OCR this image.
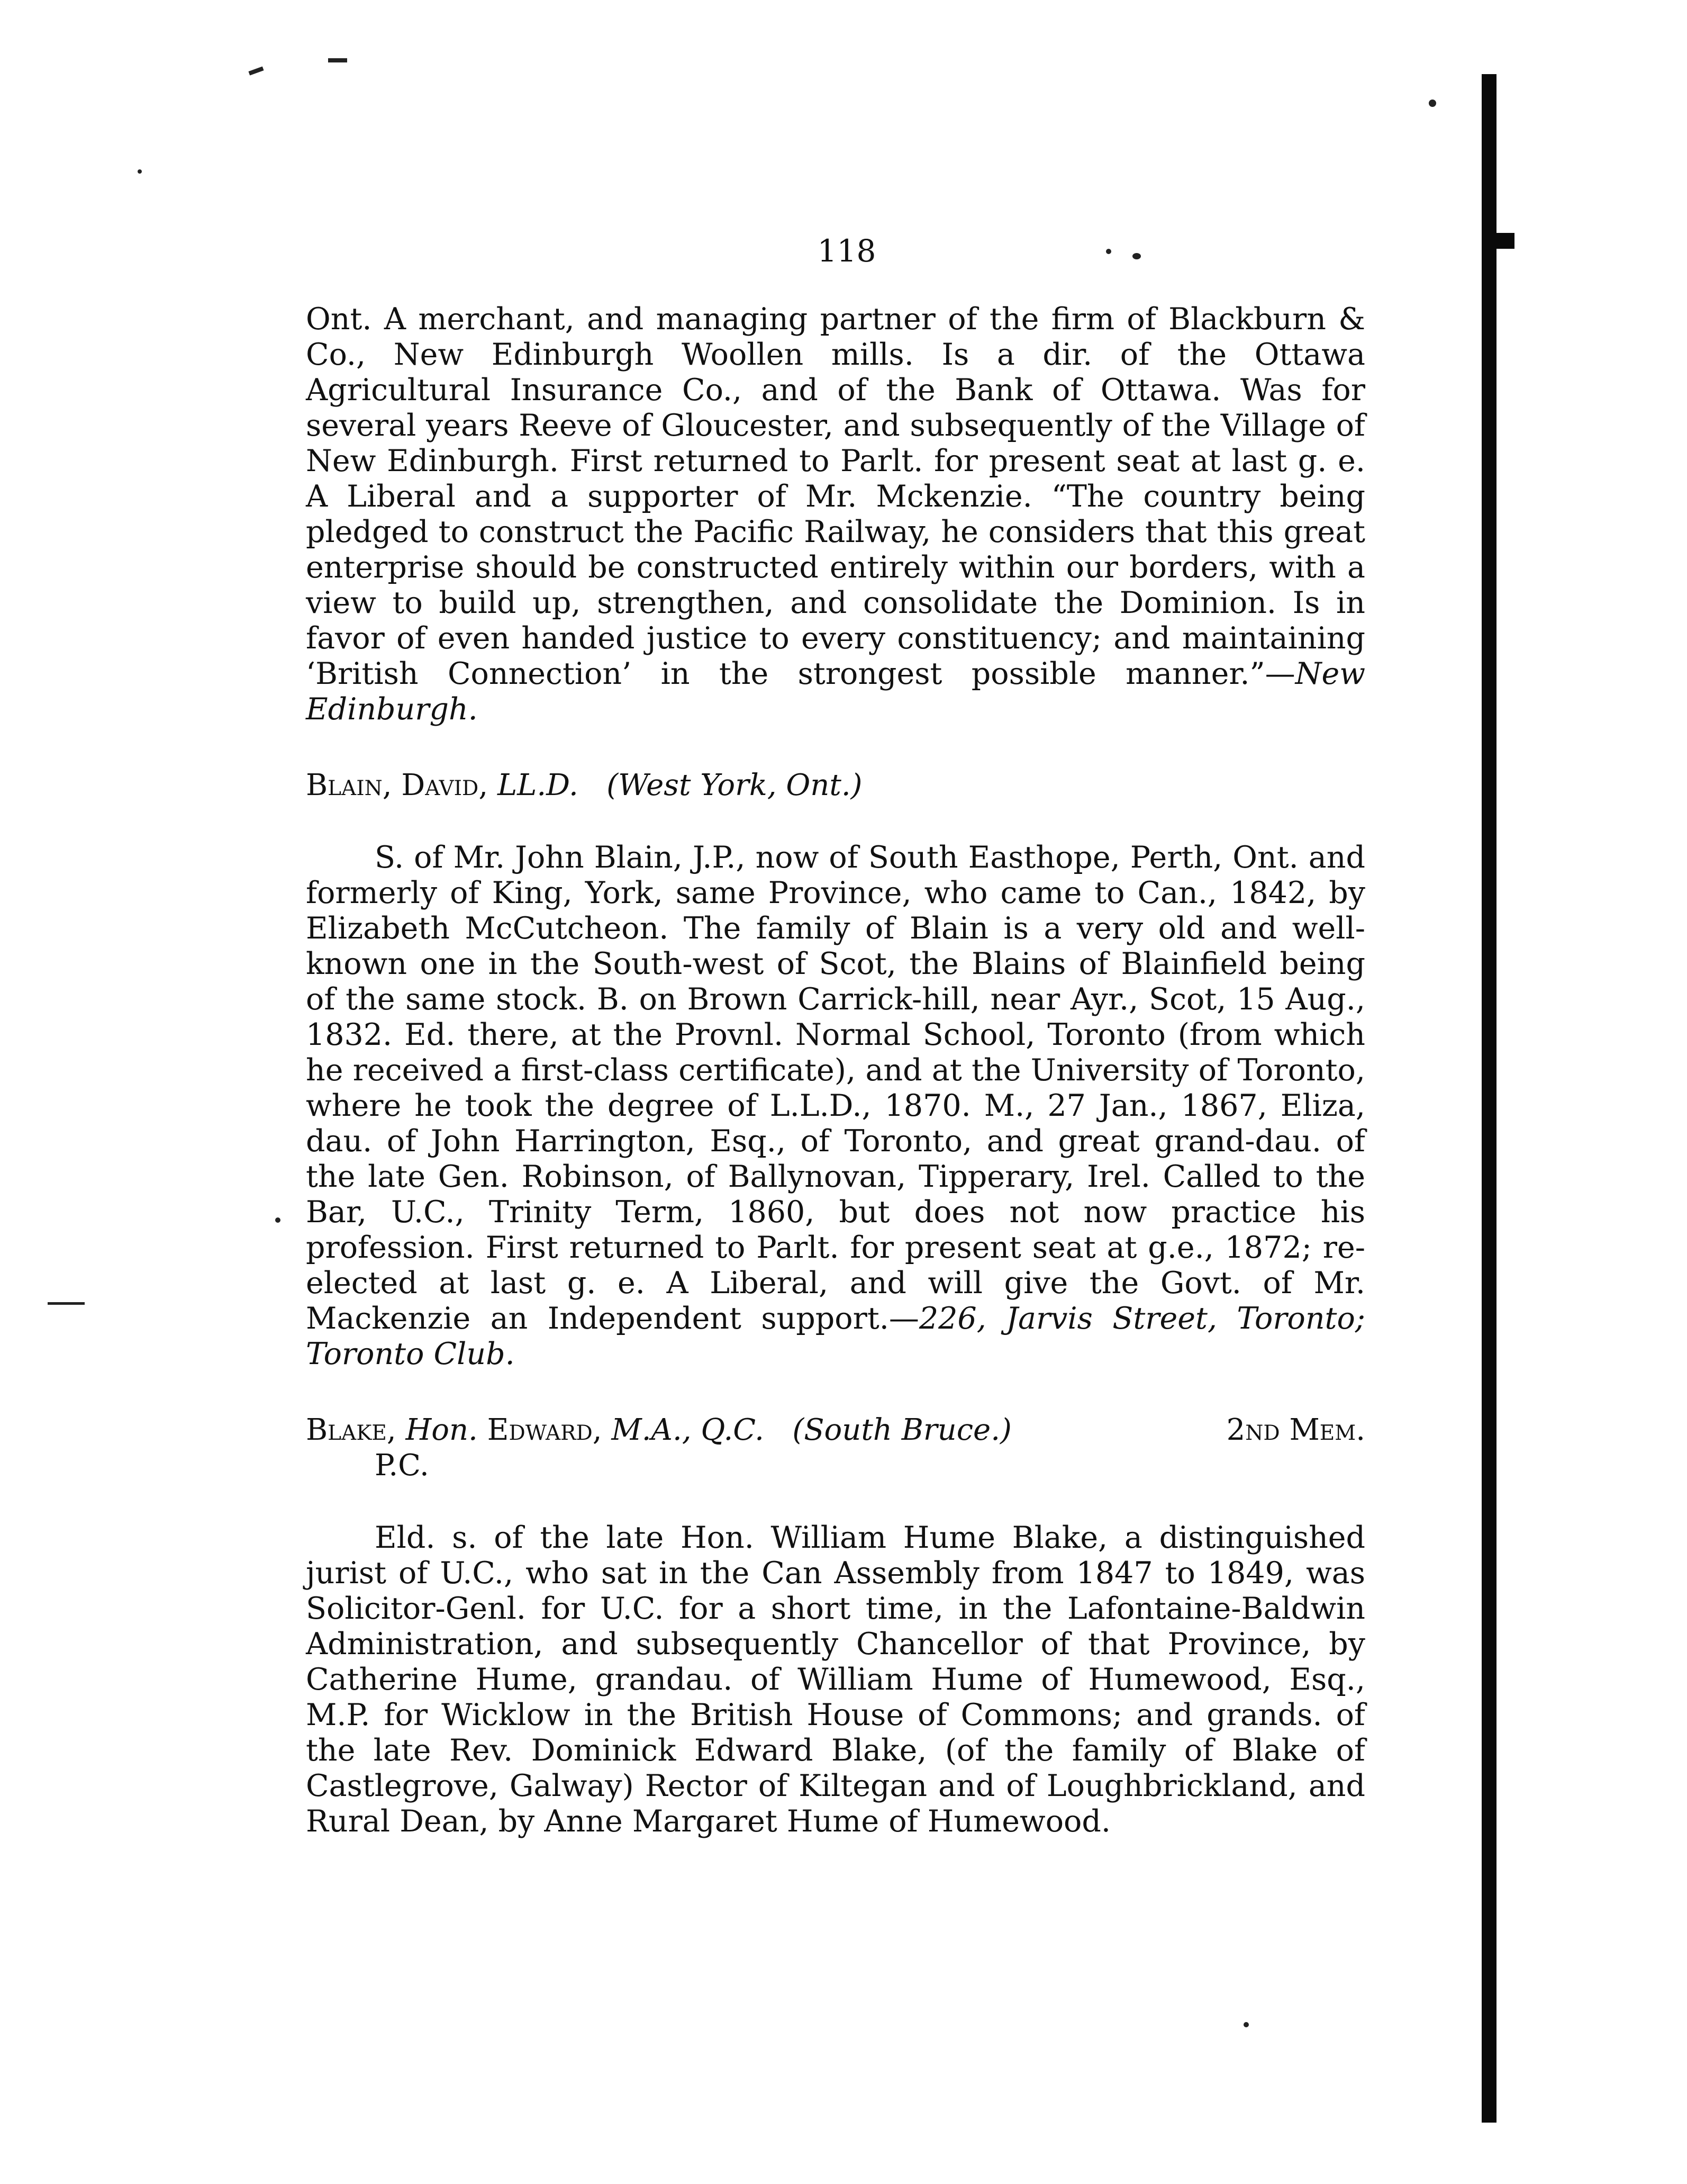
118

Ont. A merchant, and managing partner of the firm of Blackburn & Co., New Edinburgh Woollen mills. Is a dir. of the Ottawa Agricultural Insurance Co., and of the Bank of Ottawa. Was for several years Reeve of Gloucester, and subsequently of the Village of New Edinburgh. First returned to Parlt. for present seat at last g. e. A Liberal and a supporter of Mr. Mckenzie. “The country being pledged to construct the Pacific Railway, he considers that this great enterprise should be constructed entirely within our borders, with a view to build up, strengthen, and consolidate the Dominion. Is in favor of even handed justice to every constituency; and maintaining ‘British Connection’ in the strongest possible manner.”—New Edinburgh.

Blain, David, LL.D. (West York, Ont.)

S. of Mr. John Blain, J.P., now of South Easthope, Perth, Ont. and formerly of King, York, same Province, who came to Can., 1842, by Elizabeth McCutcheon. The family of Blain is a very old and well-known one in the South-west of Scot, the Blains of Blainfield being of the same stock. B. on Brown Carrick-hill, near Ayr., Scot, 15 Aug., 1832. Ed. there, at the Provnl. Normal School, Toronto (from which he received a first-class certificate), and at the University of Toronto, where he took the degree of L.L.D., 1870. M., 27 Jan., 1867, Eliza, dau. of John Harrington, Esq., of Toronto, and great grand-dau. of the late Gen. Robinson, of Ballynovan, Tipperary, Irel. Called to the Bar, U.C., Trinity Term, 1860, but does not now practice his profession. First returned to Parlt. for present seat at g.e., 1872; re-elected at last g. e. A Liberal, and will give the Govt. of Mr. Mackenzie an Independent support.—226, Jarvis Street, Toronto; Toronto Club.

Blake, Hon. Edward, M.A., Q.C. (South Bruce.)	2nd Mem.

P.C.

Eld. s. of the late Hon. William Hume Blake, a distinguished jurist of U.C., who sat in the Can Assembly from 1847 to 1849, was Solicitor-Genl. for U.C. for a short time, in the Lafontaine-Baldwin Administration, and subsequently Chancellor of that Province, by Catherine Hume, grandau. of William Hume of Humewood, Esq., M.P. for Wicklow in the British House of Commons; and grands. of the late Rev. Dominick Edward Blake, (of the family of Blake of Castlegrove, Galway) Rector of Kiltegan and of Loughbrickland, and Rural Dean, by Anne Margaret Hume of Humewood.
